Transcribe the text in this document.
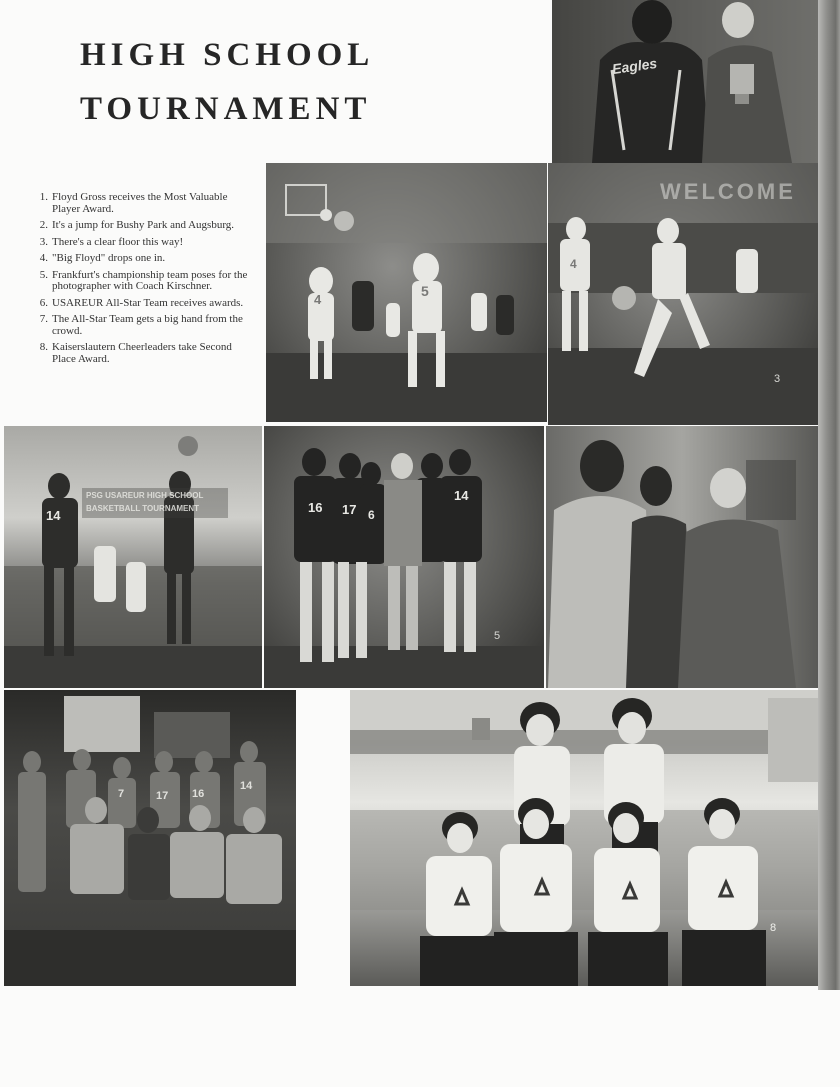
HIGH SCHOOL
TOURNAMENT
1. Floyd Gross receives the Most Valuable Player Award.
2. It's a jump for Bushy Park and Augsburg.
3. There's a clear floor this way!
4. "Big Floyd" drops one in.
5. Frankfurt's championship team poses for the photographer with Coach Kirschner.
6. USAREUR All-Star Team receives awards.
7. The All-Star Team gets a big hand from the crowd.
8. Kaiserslautern Cheerleaders take Second Place Award.
Eagles
4
5
WELCOME
4
3
PSG USAREUR HIGH SCHOOL
BASKETBALL TOURNAMENT
14
16 17 6
14
5
7	17 16
14
8
